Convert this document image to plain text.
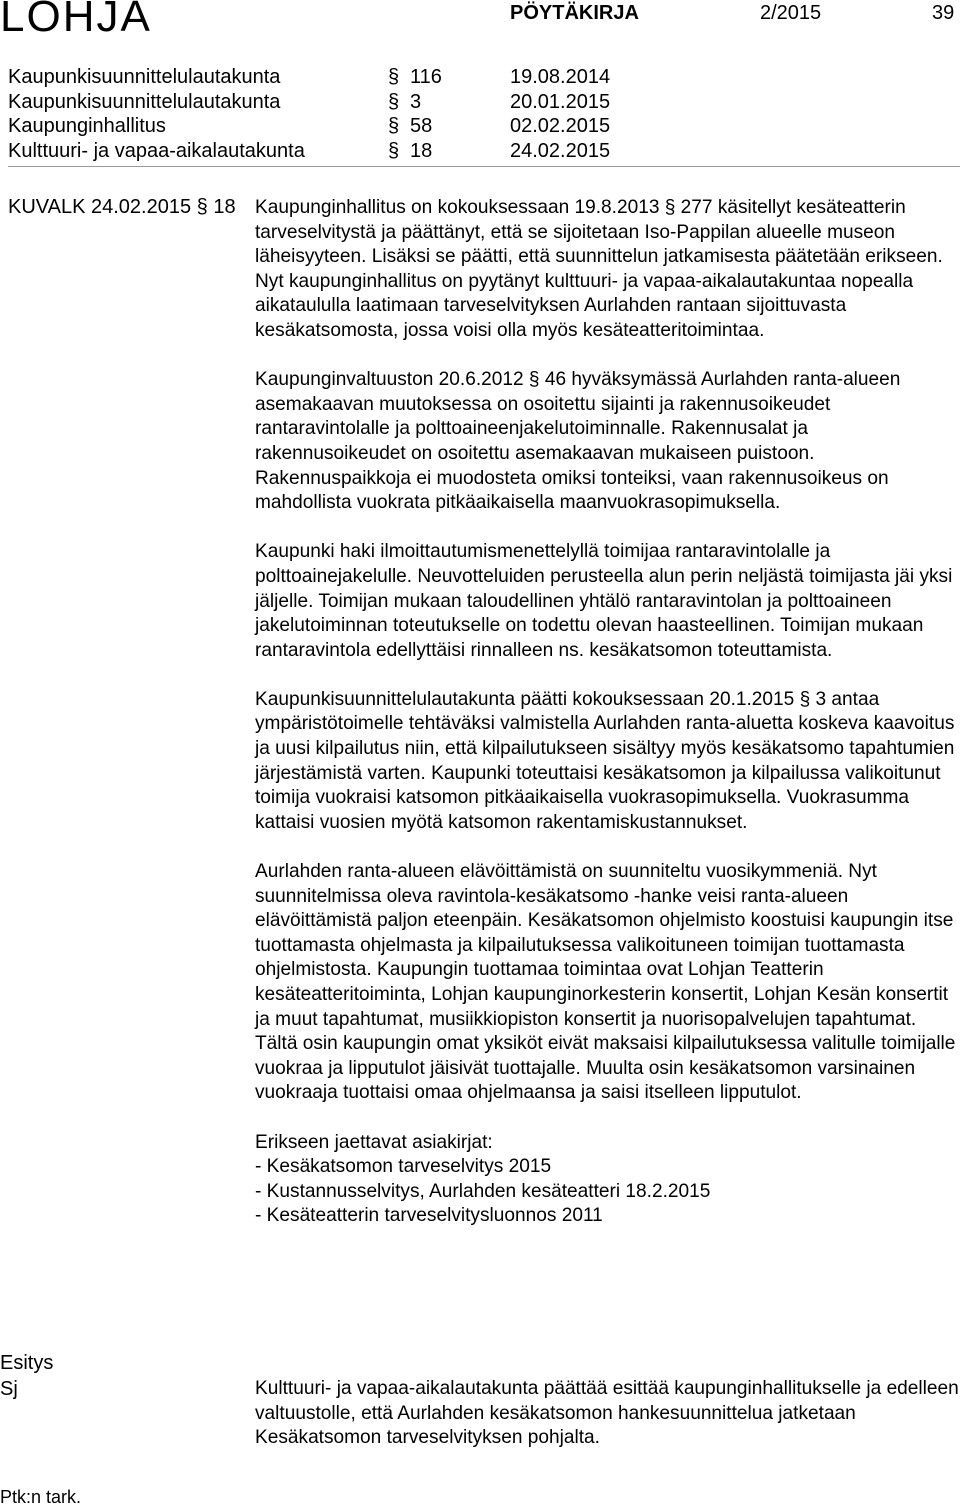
LOHJA	PÖYTÄKIRJA	2/2015	39
Kaupunkisuunnittelulautakunta	§ 116	19.08.2014
Kaupunkisuunnittelulautakunta	§ 3	20.01.2015
Kaupunginhallitus	§ 58	02.02.2015
Kulttuuri- ja vapaa-aikalautakunta	§ 18	24.02.2015
KUVALK 24.02.2015 § 18 Kaupunginhallitus on kokouksessaan 19.8.2013 § 277 käsitellyt kesäteatterin tarveselvitystä ja päättänyt, että se sijoitetaan Iso-Pappilan alueelle museon läheisyyteen. Lisäksi se päätti, että suunnittelun jatkamisesta päätetään erikseen. Nyt kaupunginhallitus on pyytänyt kulttuuri- ja vapaa-aikalautakuntaa nopealla aikataululla laatimaan tarveselvityksen Aurlahden rantaan sijoittuvasta kesäkatsomosta, jossa voisi olla myös kesäteatteritoimintaa.

Kaupunginvaltuuston 20.6.2012 § 46 hyväksymässä Aurlahden ranta-alueen asemakaavan muutoksessa on osoitettu sijainti ja rakennusoikeudet rantaravintolalle ja polttoaineenjakelutoiminnalle. Rakennusalat ja rakennusoikeudet on osoitettu asemakaavan mukaiseen puistoon. Rakennuspaikkoja ei muodosteta omiksi tonteiksi, vaan rakennusoikeus on mahdollista vuokrata pitkäaikaisella maanvuokrasopimuksella.

Kaupunki haki ilmoittautumismenettelyllä toimijaa rantaravintolalle ja polttoainejakelulle. Neuvotteluiden perusteella alun perin neljästä toimijasta jäi yksi jäljelle. Toimijan mukaan taloudellinen yhtälö rantaravintolan ja polttoaineen jakelutoiminnan toteutukselle on todettu olevan haasteellinen. Toimijan mukaan rantaravintola edellyttäisi rinnalleen ns. kesäkatsomon toteuttamista.

Kaupunkisuunnittelulautakunta päätti kokouksessaan 20.1.2015 § 3 antaa ympäristötoimelle tehtäväksi valmistella Aurlahden ranta-aluetta koskeva kaavoitus ja uusi kilpailutus niin, että kilpailutukseen sisältyy myös kesäkatsomo tapahtumien järjestämistä varten. Kaupunki toteuttaisi kesäkatsomon ja kilpailussa valikoitunut toimija vuokraisi katsomon pitkäaikaisella vuokrasopimuksella. Vuokrasumma kattaisi vuosien myötä katsomon rakentamiskustannukset.

Aurlahden ranta-alueen elävöittämistä on suunniteltu vuosikymmeniä. Nyt suunnitelmissa oleva ravintola-kesäkatsomo -hanke veisi ranta-alueen elävöittämistä paljon eteenpäin. Kesäkatsomon ohjelmisto koostuisi kaupungin itse tuottamasta ohjelmasta ja kilpailutuksessa valikoituneen toimijan tuottamasta ohjelmistosta. Kaupungin tuottamaa toimintaa ovat Lohjan Teatterin kesäteatteritoiminta, Lohjan kaupunginorkesterin konsertit, Lohjan Kesän konsertit ja muut tapahtumat, musiikkiopiston konsertit ja nuorisopalvelujen tapahtumat. Tältä osin kaupungin omat yksiköt eivät maksaisi kilpailutuksessa valitulle toimijalle vuokraa ja lipputulot jäisivät tuottajalle. Muulta osin kesäkatsomon varsinainen vuokraaja tuottaisi omaa ohjelmaansa ja saisi itselleen lipputulot.

Erikseen jaettavat asiakirjat:

- Kesäkatsomon tarveselvitys 2015
- Kustannusselvitys, Aurlahden kesäteatteri 18.2.2015
- Kesäteatterin tarveselvitysluonnos 2011
Esitys
Sj	Kulttuuri- ja vapaa-aikalautakunta päättää esittää kaupunginhallitukselle ja edelleen valtuustolle, että Aurlahden kesäkatsomon hankesuunnittelua jatketaan Kesäkatsomon tarveselvityksen pohjalta.
Ptk:n tark.
